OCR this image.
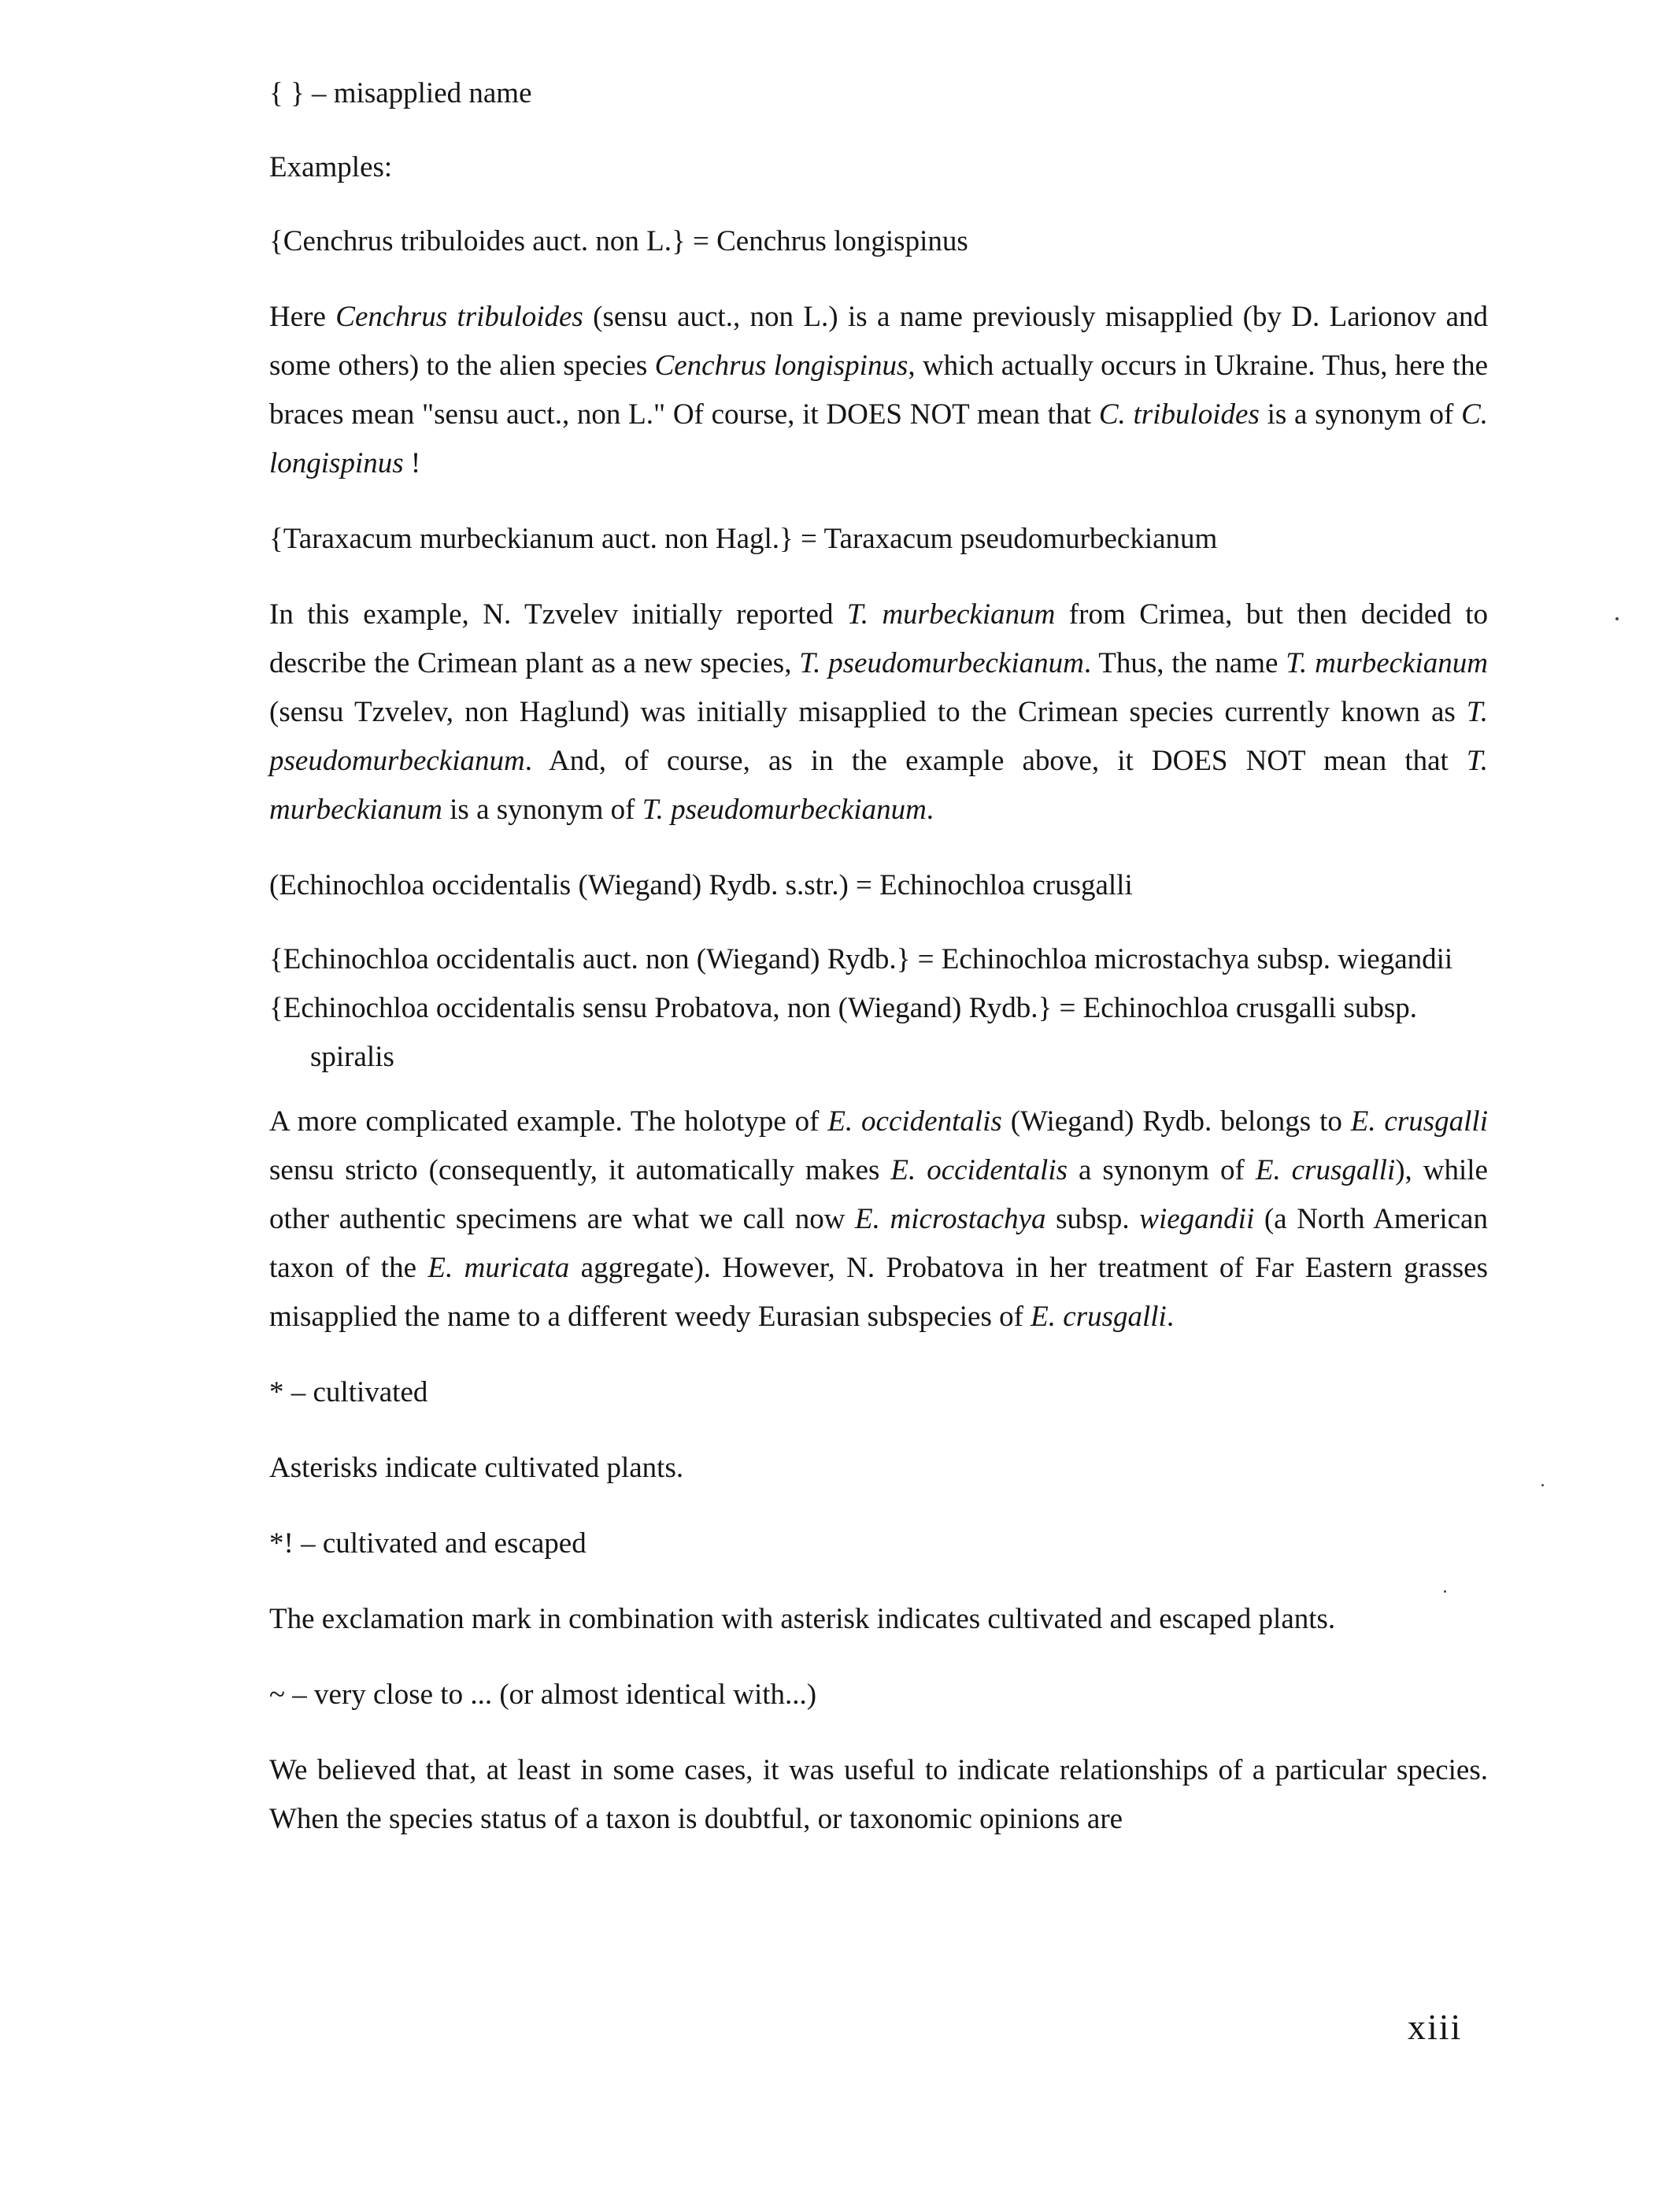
{ } – misapplied name

Examples:

{Cenchrus tribuloides auct. non L.} = Cenchrus longispinus

Here Cenchrus tribuloides (sensu auct., non L.) is a name previously misapplied (by D. Larionov and some others) to the alien species Cenchrus longispinus, which actually occurs in Ukraine. Thus, here the braces mean "sensu auct., non L." Of course, it DOES NOT mean that C. tribuloides is a synonym of C. longispinus !

{Taraxacum murbeckianum auct. non Hagl.} = Taraxacum pseudomurbeckianum

In this example, N. Tzvelev initially reported T. murbeckianum from Crimea, but then decided to describe the Crimean plant as a new species, T. pseudomurbeckianum. Thus, the name T. murbeckianum (sensu Tzvelev, non Haglund) was initially misapplied to the Crimean species currently known as T. pseudomurbeckianum. And, of course, as in the example above, it DOES NOT mean that T. murbeckianum is a synonym of T. pseudomurbeckianum.

(Echinochloa occidentalis (Wiegand) Rydb. s.str.) = Echinochloa crusgalli

{Echinochloa occidentalis auct. non (Wiegand) Rydb.} = Echinochloa microstachya subsp. wiegandii

{Echinochloa occidentalis sensu Probatova, non (Wiegand) Rydb.} = Echinochloa crusgalli subsp. spiralis

A more complicated example. The holotype of E. occidentalis (Wiegand) Rydb. belongs to E. crusgalli sensu stricto (consequently, it automatically makes E. occidentalis a synonym of E. crusgalli), while other authentic specimens are what we call now E. microstachya subsp. wiegandii (a North American taxon of the E. muricata aggregate). However, N. Probatova in her treatment of Far Eastern grasses misapplied the name to a different weedy Eurasian subspecies of E. crusgalli.

* – cultivated

Asterisks indicate cultivated plants.

*! – cultivated and escaped

The exclamation mark in combination with asterisk indicates cultivated and escaped plants.

~ – very close to ... (or almost identical with...)

We believed that, at least in some cases, it was useful to indicate relationships of a particular species. When the species status of a taxon is doubtful, or taxonomic opinions are

xiii
